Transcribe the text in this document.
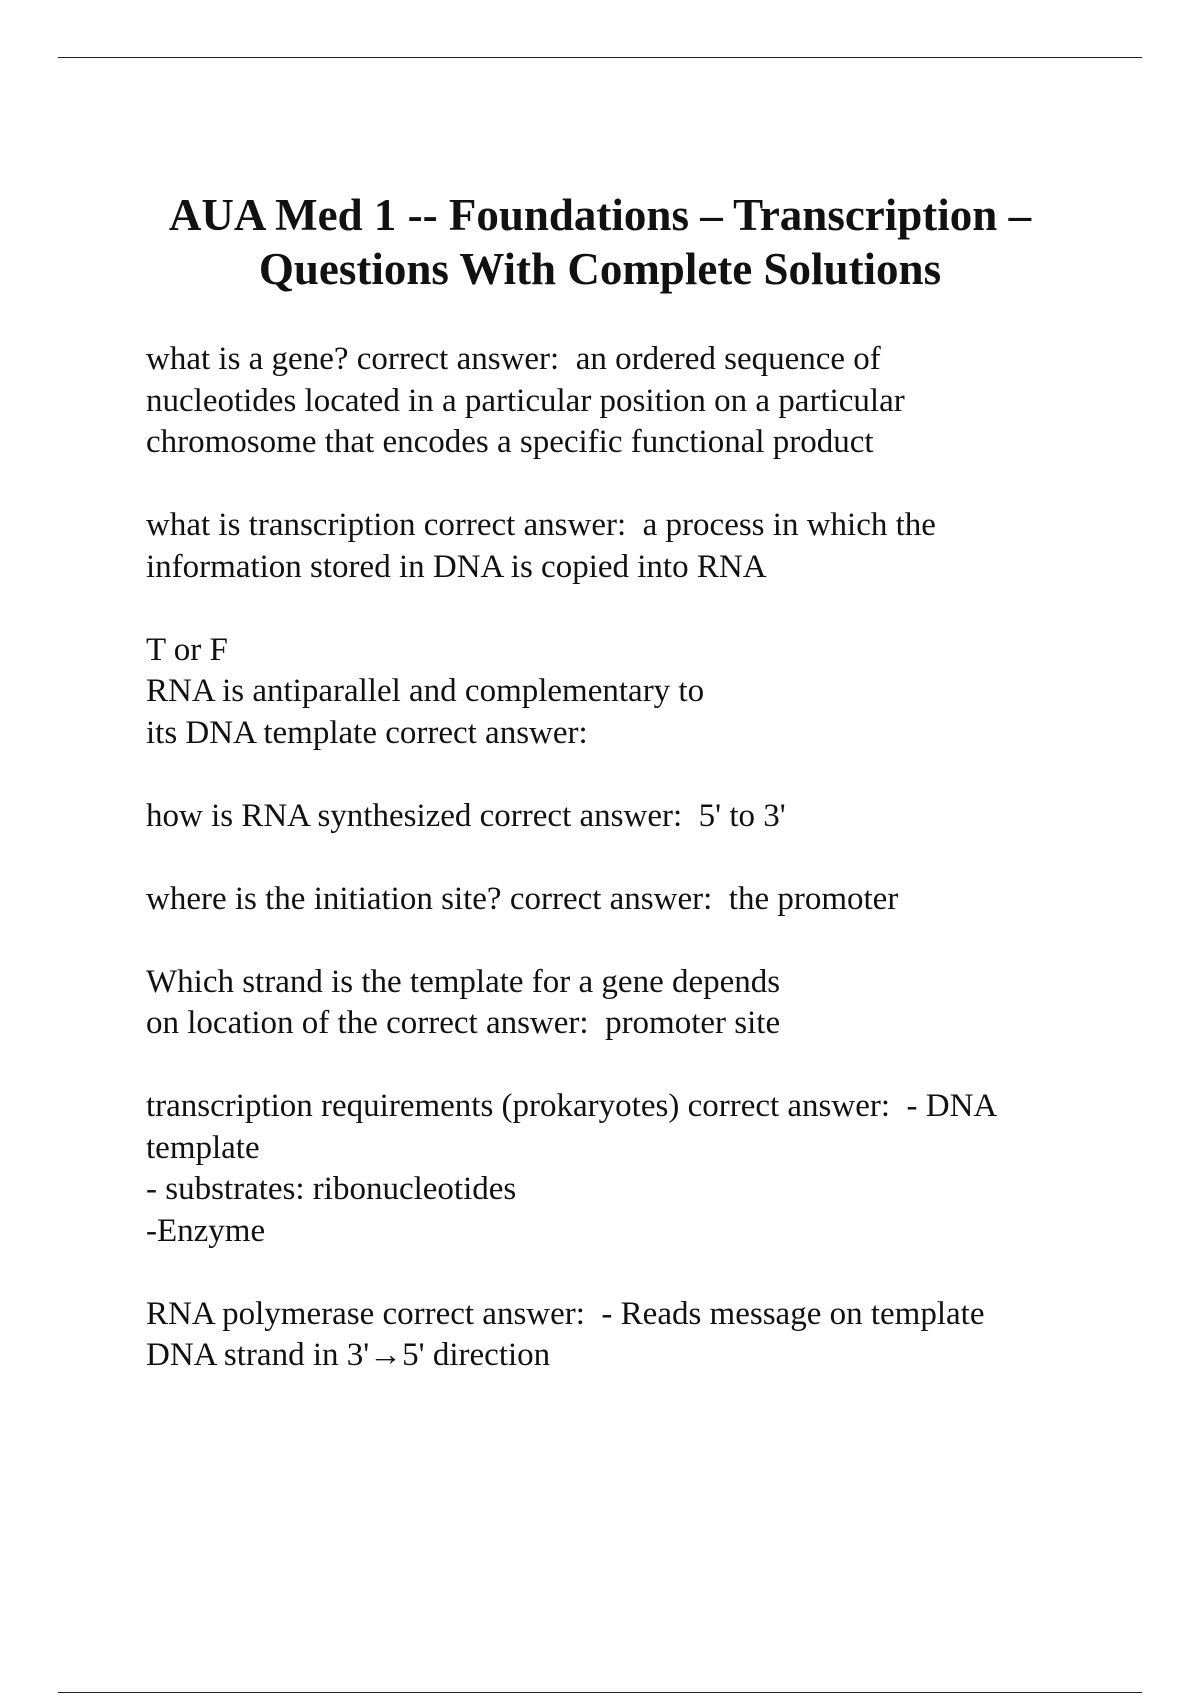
AUA Med 1 -- Foundations – Transcription –
Questions With Complete Solutions
what is a gene? correct answer:  an ordered sequence of
nucleotides located in a particular position on a particular
chromosome that encodes a specific functional product
what is transcription correct answer:  a process in which the
information stored in DNA is copied into RNA
T or F
RNA is antiparallel and complementary to
its DNA template correct answer:
how is RNA synthesized correct answer:  5' to 3'
where is the initiation site? correct answer:  the promoter
Which strand is the template for a gene depends
on location of the correct answer:  promoter site
transcription requirements (prokaryotes) correct answer:  - DNA
template
- substrates: ribonucleotides
-Enzyme
RNA polymerase correct answer:  - Reads message on template
DNA strand in 3'→5' direction
